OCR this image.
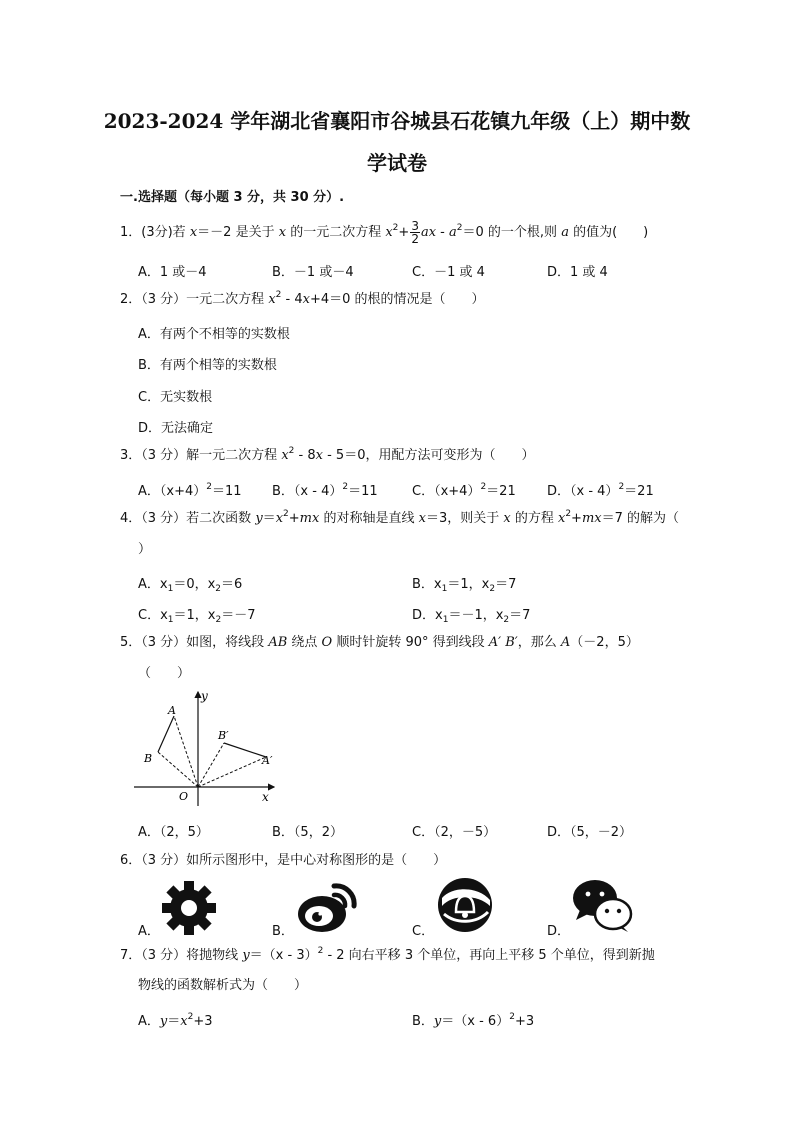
2023-2024 学年湖北省襄阳市谷城县石花镇九年级（上）期中数
学试卷
一.选择题（每小题 3 分，共 30 分）.
1．(3分)若 x＝－2 是关于 x 的一元二次方程 $x^2+ \frac{3}{2}$ ax - $a^2=0$ 的一个根,则 a 的值为(　　)
A．1 或－4	B．－1 或－4	C．－1 或 4	D．1 或 4
2．（3 分）一元二次方程 $x^2 - 4x+4=0$ 的根的情况是（　　）
A．有两个不相等的实数根
B．有两个相等的实数根
C．无实数根
D．无法确定
3．（3 分）解一元二次方程 $x^2 - 8x - 5=0$，用配方法可变形为（　　）
A．$(x+4)^2=11$ B．（x - 4）$^2$＝11	C．$(x+4)^2=21$ D．（x - 4）$^2$＝21
4．（3 分）若二次函数 $y=x^2+mx$ 的对称轴是直线 x＝3，则关于 x 的方程 $x^2+mx=7$ 的解为（
）
A．$x_1=0$，$x_2=6$	B．$x_1=1$，$x_2=7$
C．$x_1=1$，$x_2=-7$	D．$x_1=-1$，$x_2=7$
5．（3 分）如图，将线段 AB 绕点 O 顺时针旋转 90° 得到线段 A′ B′，那么 A（－2，5）
（　　）
y
x
O
A
B
B′
A′
A．（2，5）	B．（5，2）	C．（2，－5）	D．（5，－2）
6．（3 分）如所示图形中，是中心对称图形的是（　　）
A．	B．	C．	D．
7．（3 分）将抛物线 y＝（x - 3）$^2$ - 2 向右平移 3 个单位，再向上平移 5 个单位，得到新抛
物线的函数解析式为（　　）
A．$y=x^2+3$	B．y＝（x - 6）$^2$+3
